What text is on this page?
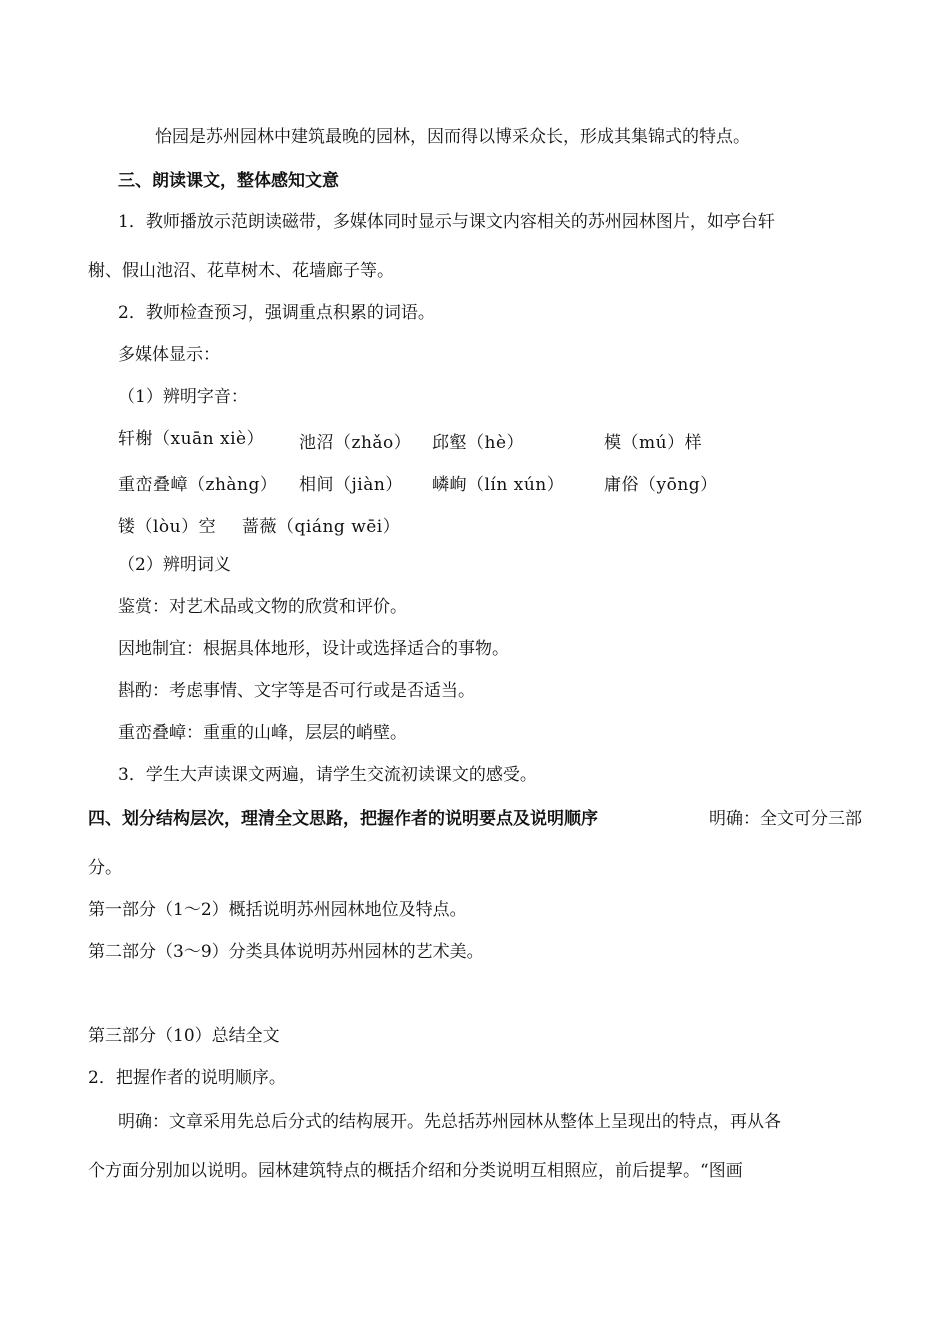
怡园是苏州园林中建筑最晚的园林，因而得以博采众长，形成其集锦式的特点。
三、朗读课文，整体感知文意
1．教师播放示范朗读磁带，多媒体同时显示与课文内容相关的苏州园林图片，如亭台轩
榭、假山池沼、花草树木、花墙廊子等。
2．教师检查预习，强调重点积累的词语。
多媒体显示：
（1）辨明字音：
轩榭（xuān xiè）	池沼（zhǎo）	邱壑（hè）	模（mú）样
重峦叠嶂（zhàng）	相间（jiàn）	嶙峋（lín xún）	庸俗（yōng）
镂（lòu）空	蔷薇（qiáng wēi）
（2）辨明词义
鉴赏：对艺术品或文物的欣赏和评价。
因地制宜：根据具体地形，设计或选择适合的事物。
斟酌：考虑事情、文字等是否可行或是否适当。
重峦叠嶂：重重的山峰，层层的峭壁。
3．学生大声读课文两遍，请学生交流初读课文的感受。
四、划分结构层次，理清全文思路，把握作者的说明要点及说明顺序	明确：全文可分三部
分。
第一部分（1～2）概括说明苏州园林地位及特点。
第二部分（3～9）分类具体说明苏州园林的艺术美。
第三部分（10）总结全文
2．把握作者的说明顺序。
明确：文章采用先总后分式的结构展开。先总括苏州园林从整体上呈现出的特点，再从各
个方面分别加以说明。园林建筑特点的概括介绍和分类说明互相照应，前后提挈。“图画
